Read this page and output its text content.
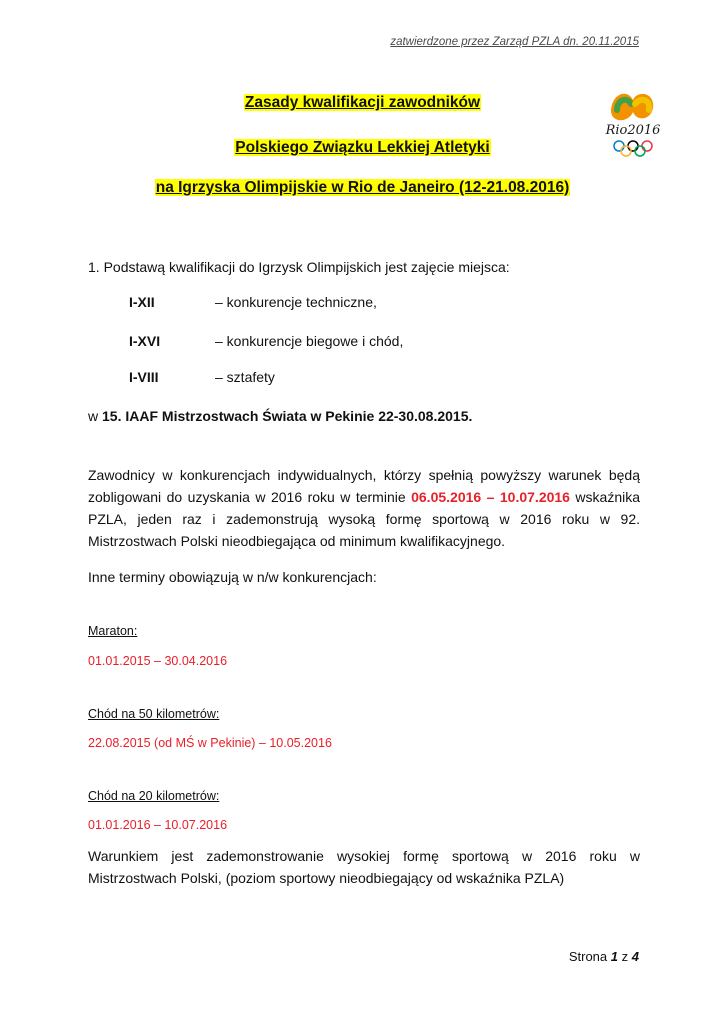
zatwierdzone przez Zarząd PZLA dn. 20.11.2015
Rio2016
Zasady kwalifikacji zawodników
Polskiego Związku Lekkiej Atletyki
na Igrzyska Olimpijskie w Rio de Janeiro (12-21.08.2016)
1. Podstawą kwalifikacji do Igrzysk Olimpijskich jest zajęcie miejsca:
I-XII	– konkurencje techniczne,
I-XVI	– konkurencje biegowe i chód,
I-VIII	– sztafety
w 15. IAAF Mistrzostwach Świata w Pekinie 22-30.08.2015.
Zawodnicy w konkurencjach indywidualnych, którzy spełnią powyższy warunek będą zobligowani do uzyskania w 2016 roku w terminie 06.05.2016 – 10.07.2016 wskaźnika PZLA, jeden raz i zademonstrują wysoką formę sportową w 2016 roku w 92. Mistrzostwach Polski nieodbiegająca od minimum kwalifikacyjnego.
Inne terminy obowiązują w n/w konkurencjach:
Maraton:
01.01.2015 – 30.04.2016
Chód na 50 kilometrów:
22.08.2015 (od MŚ w Pekinie) – 10.05.2016
Chód na 20 kilometrów:
01.01.2016 – 10.07.2016
Warunkiem jest zademonstrowanie wysokiej formę sportową w 2016 roku w Mistrzostwach Polski, (poziom sportowy nieodbiegający od wskaźnika PZLA)
Strona 1 z 4
